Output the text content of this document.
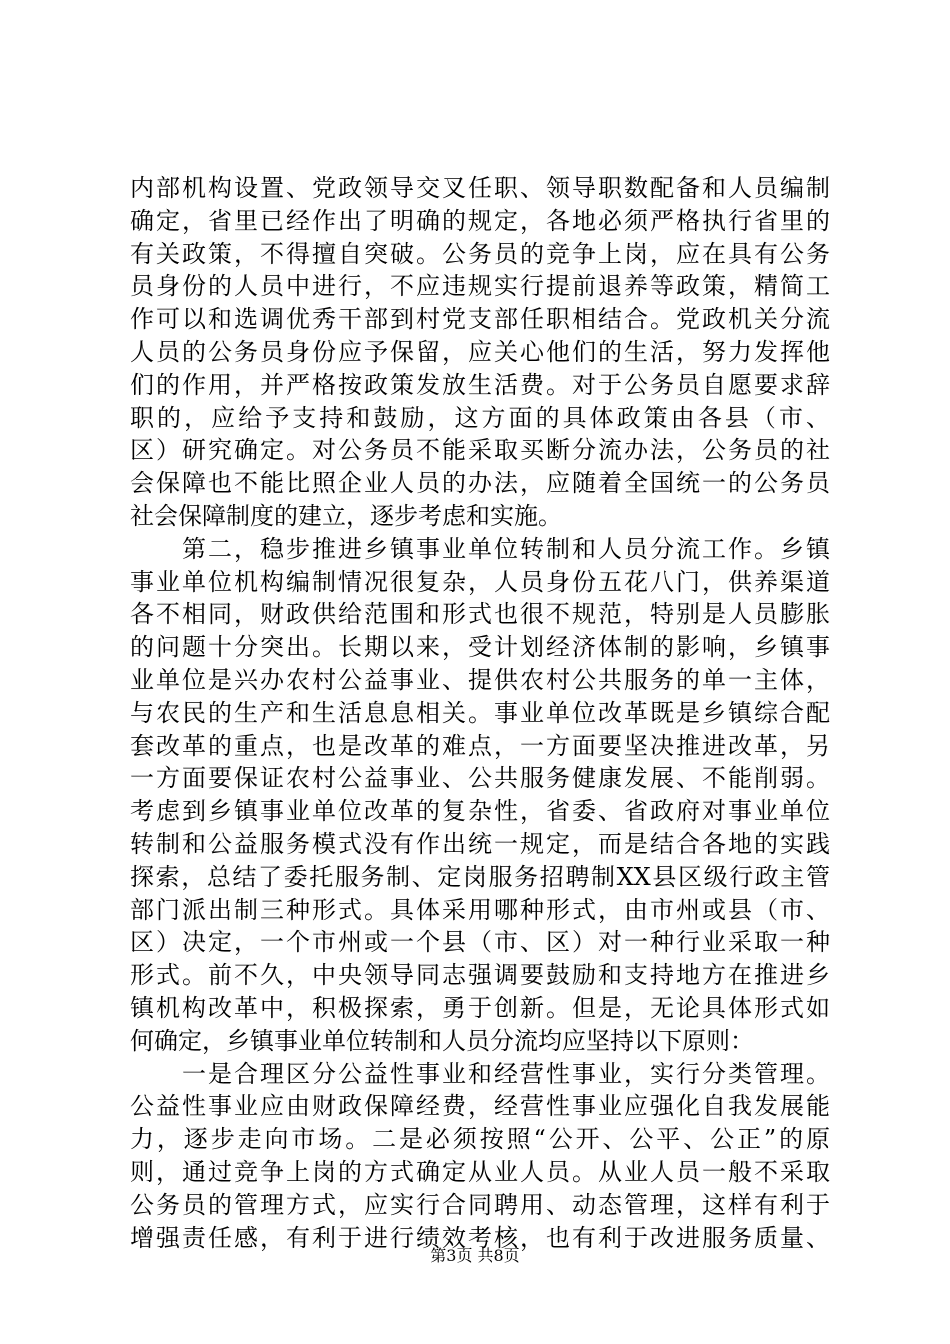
内部机构设置、党政领导交叉任职、领导职数配备和人员编制
确定，省里已经作出了明确的规定，各地必须严格执行省里的
有关政策，不得擅自突破。公务员的竞争上岗，应在具有公务
员身份的人员中进行，不应违规实行提前退养等政策，精简工
作可以和选调优秀干部到村党支部任职相结合。党政机关分流
人员的公务员身份应予保留，应关心他们的生活，努力发挥他
们的作用，并严格按政策发放生活费。对于公务员自愿要求辞
职的，应给予支持和鼓励，这方面的具体政策由各县（市、
区）研究确定。对公务员不能采取买断分流办法，公务员的社
会保障也不能比照企业人员的办法，应随着全国统一的公务员
社会保障制度的建立，逐步考虑和实施。
　　第二，稳步推进乡镇事业单位转制和人员分流工作。乡镇
事业单位机构编制情况很复杂，人员身份五花八门，供养渠道
各不相同，财政供给范围和形式也很不规范，特别是人员膨胀
的问题十分突出。长期以来，受计划经济体制的影响，乡镇事
业单位是兴办农村公益事业、提供农村公共服务的单一主体，
与农民的生产和生活息息相关。事业单位改革既是乡镇综合配
套改革的重点，也是改革的难点，一方面要坚决推进改革，另
一方面要保证农村公益事业、公共服务健康发展、不能削弱。
考虑到乡镇事业单位改革的复杂性，省委、省政府对事业单位
转制和公益服务模式没有作出统一规定，而是结合各地的实践
探索，总结了委托服务制、定岗服务招聘制XX县区级行政主管
部门派出制三种形式。具体采用哪种形式，由市州或县（市、
区）决定，一个市州或一个县（市、区）对一种行业采取一种
形式。前不久，中央领导同志强调要鼓励和支持地方在推进乡
镇机构改革中，积极探索，勇于创新。但是，无论具体形式如
何确定，乡镇事业单位转制和人员分流均应坚持以下原则：
　　一是合理区分公益性事业和经营性事业，实行分类管理。
公益性事业应由财政保障经费，经营性事业应强化自我发展能
力，逐步走向市场。二是必须按照“公开、公平、公正”的原
则，通过竞争上岗的方式确定从业人员。从业人员一般不采取
公务员的管理方式，应实行合同聘用、动态管理，这样有利于
增强责任感，有利于进行绩效考核，也有利于改进服务质量、
第3页 共8页
